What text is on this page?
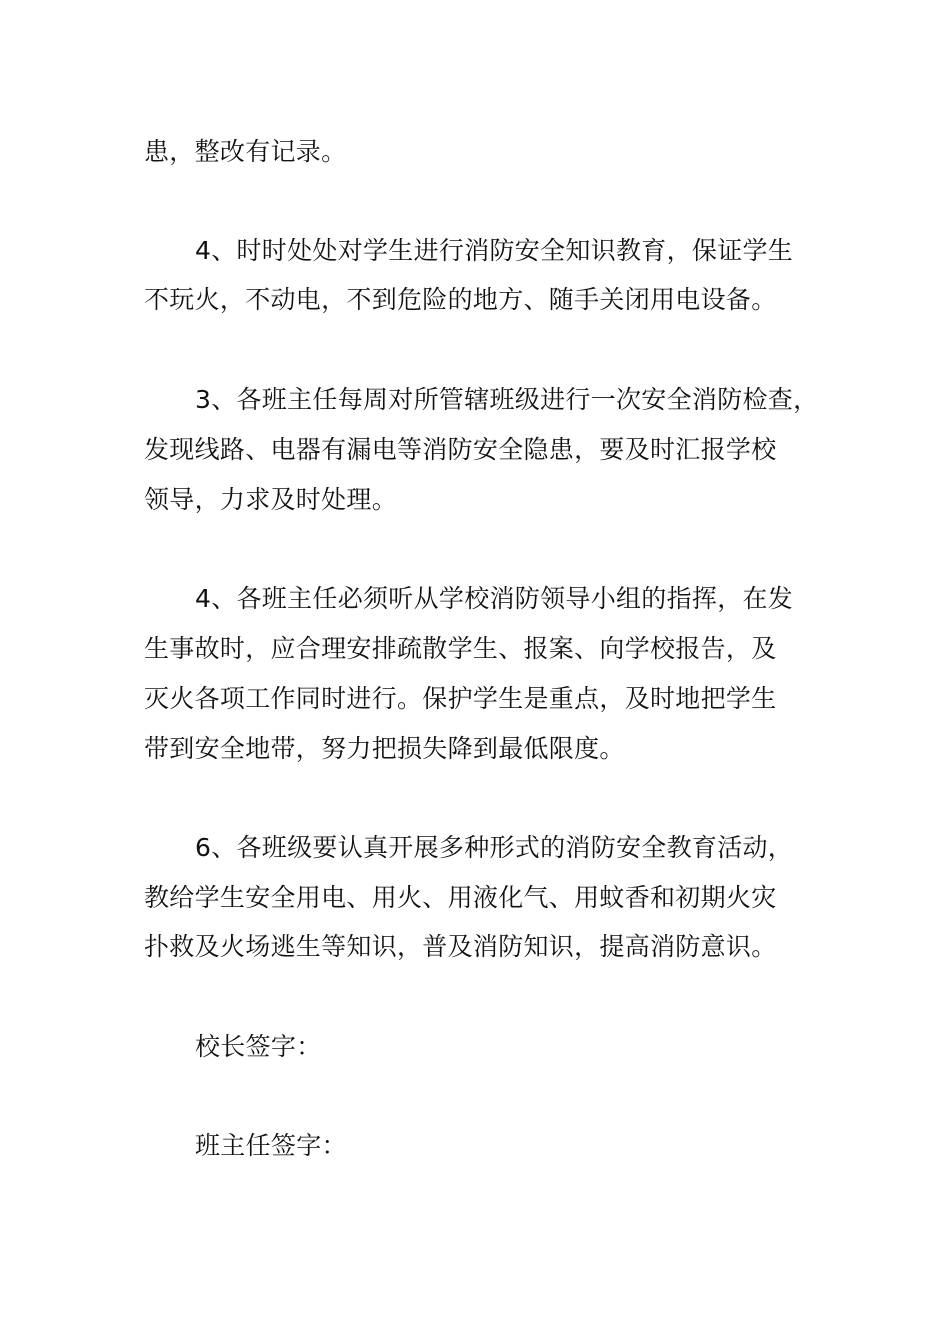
患，整改有记录。
4、时时处处对学生进行消防安全知识教育，保证学生
不玩火，不动电，不到危险的地方、随手关闭用电设备。
3、各班主任每周对所管辖班级进行一次安全消防检查，
发现线路、电器有漏电等消防安全隐患，要及时汇报学校
领导，力求及时处理。
4、各班主任必须听从学校消防领导小组的指挥，在发
生事故时，应合理安排疏散学生、报案、向学校报告，及
灭火各项工作同时进行。保护学生是重点，及时地把学生
带到安全地带，努力把损失降到最低限度。
6、各班级要认真开展多种形式的消防安全教育活动，
教给学生安全用电、用火、用液化气、用蚊香和初期火灾
扑救及火场逃生等知识，普及消防知识，提高消防意识。
校长签字：
班主任签字：
